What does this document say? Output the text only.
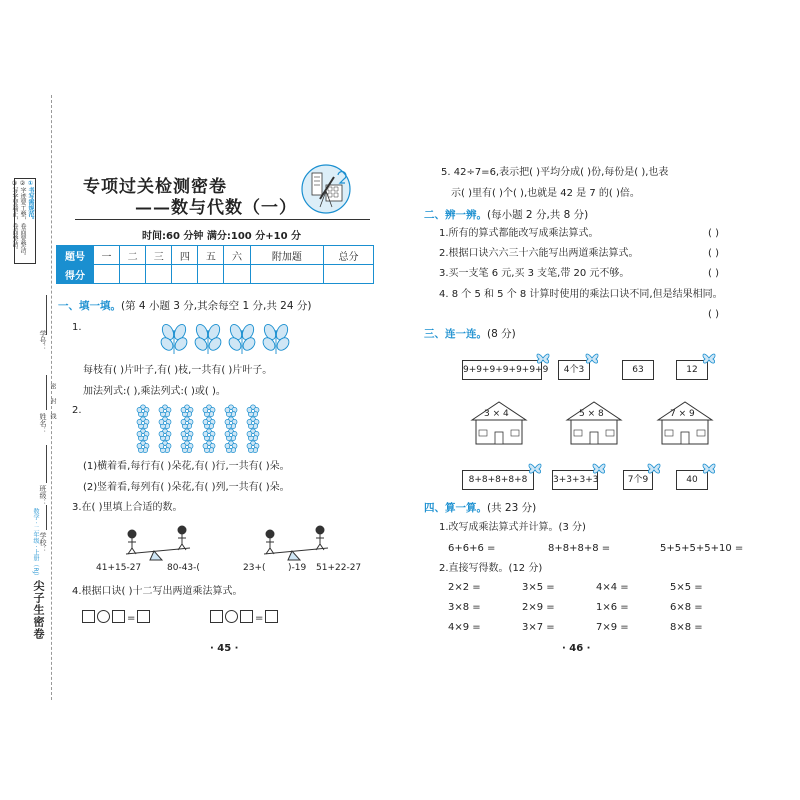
①书写需规范。
②字迹要工整，卷面要整洁。
③写字要端正，卷面整洁。
学号：
姓名：
班级：
学校：
密
封
线
数学 · 二年级 · 上册（RJ）
尖子生密卷
专项过关检测密卷
——数与代数（一）
时间:60 分钟 满分:100 分+10 分
题号	一	二	三	四	五	六	附加题	总分
得分								
一、填一填。(第 4 小题 3 分,其余每空 1 分,共 24 分)
1.
每枝有( )片叶子,有( )枝,一共有( )片叶子。
加法列式:( ),乘法列式:( )或( )。
2.
(1)横着看,每行有( )朵花,有( )行,一共有( )朵。
(2)竖着看,每列有( )朵花,有( )列,一共有( )朵。
3.在( )里填上合适的数。
41+15-27	80-43-(	23+( )-19 51+22-27
4.根据口诀( )十二写出两道乘法算式。
=	=
· 45 ·
5. 42÷7=6,表示把( )平均分成( )份,每份是( ),也表
示( )里有( )个( ),也就是 42 是 7 的( )倍。
二、辨一辨。(每小题 2 分,共 8 分)
1.所有的算式都能改写成乘法算式。	( )
2.根据口诀六六三十六能写出两道乘法算式。	( )
3.买一支笔 6 元,买 3 支笔,带 20 元不够。	( )
4. 8 个 5 和 5 个 8 计算时使用的乘法口诀不同,但是结果相同。
( )
三、连一连。(8 分)
9+9+9+9+9+9+9	4个3	63	12
3 × 4	5 × 8	7 × 9
8+8+8+8+8	3+3+3+3	7个9	40
四、算一算。(共 23 分)
1.改写成乘法算式并计算。(3 分)
6+6+6 =	8+8+8+8 =	5+5+5+5+10 =
2.直接写得数。(12 分)
2×2 =	3×5 =	4×4 =	5×5 =
3×8 =	2×9 =	1×6 =	6×8 =
4×9 =	3×7 =	7×9 =	8×8 =
· 46 ·
